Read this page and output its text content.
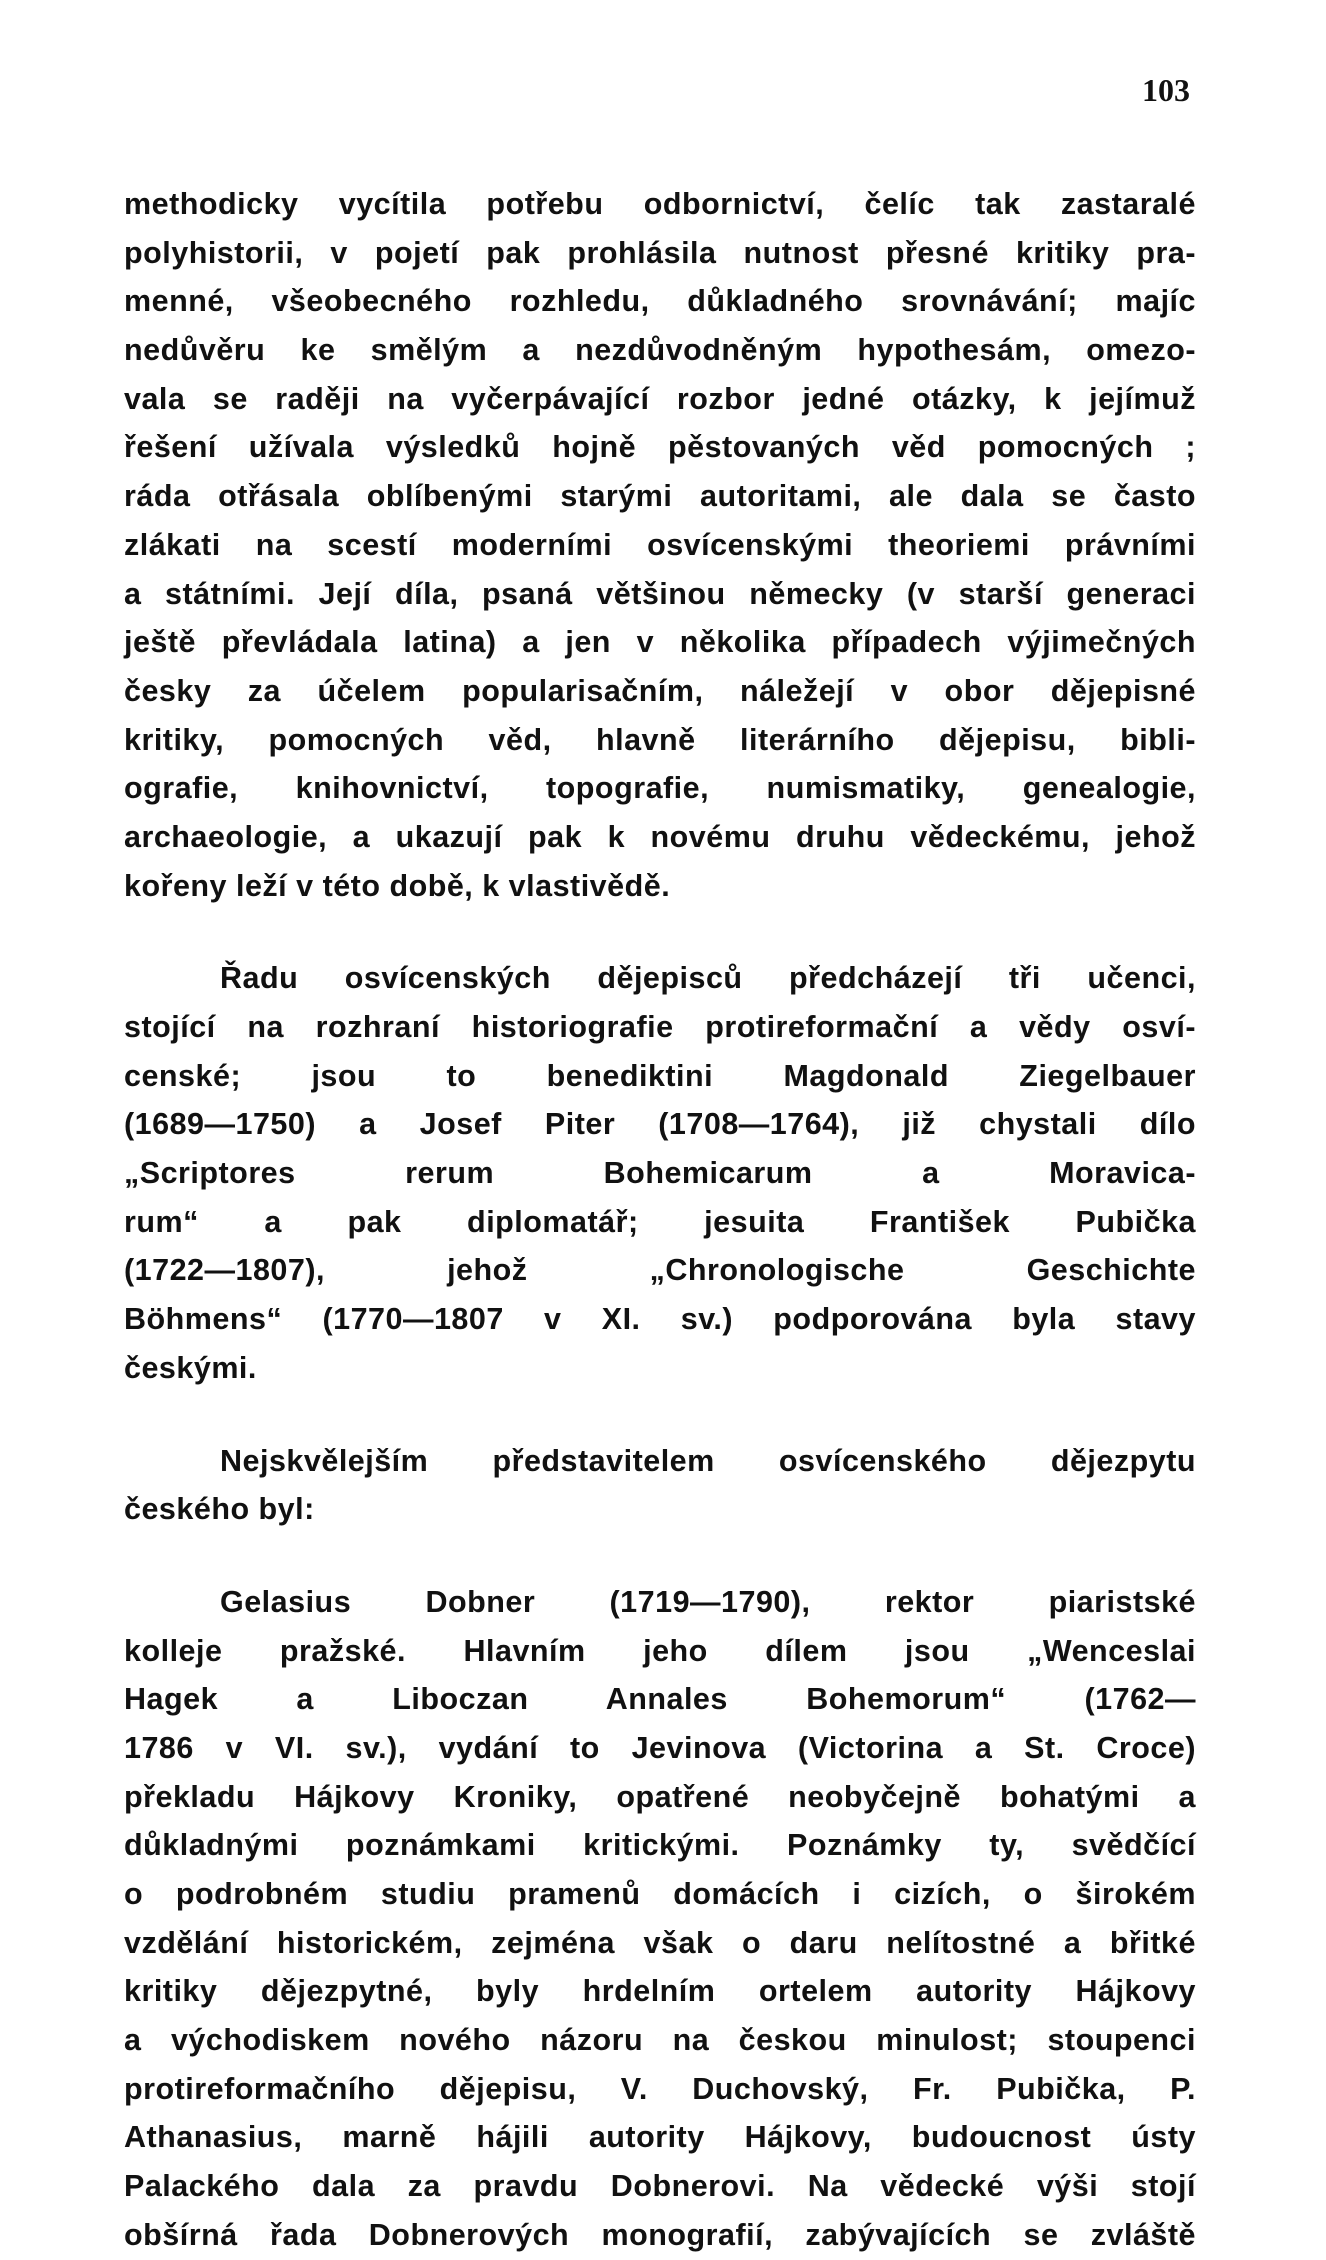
103
methodicky vycítila potřebu odbornictví, čelíc tak zastaralé
polyhistorii, v pojetí pak prohlásila nutnost přesné kritiky pra-
menné, všeobecného rozhledu, důkladného srovnávání; majíc
nedůvěru ke smělým a nezdůvodněným hypothesám, omezo-
vala se raději na vyčerpávající rozbor jedné otázky, k jejímuž
řešení užívala výsledků hojně pěstovaných věd pomocných ;
ráda otřásala oblíbenými starými autoritami, ale dala se často
zlákati na scestí moderními osvícenskými theoriemi právními
a státními. Její díla, psaná většinou německy (v starší generaci
ještě převládala latina) a jen v několika případech výjimečných
česky za účelem popularisačním, náležejí v obor dějepisné
kritiky, pomocných věd, hlavně literárního dějepisu, bibli-
ografie, knihovnictví, topografie, numismatiky, genealogie,
archaeologie, a ukazují pak k novému druhu vědeckému, jehož
kořeny leží v této době, k vlastivědě.
Řadu osvícenských dějepisců předcházejí tři učenci,
stojící na rozhraní historiografie protireformační a vědy osví-
censké; jsou to benediktini Magdonald Ziegelbauer
(1689—1750) a Josef Piter (1708—1764), již chystali dílo
„Scriptores rerum Bohemicarum a Moravica-
rum“ a pak diplomatář; jesuita František Pubička
(1722—1807), jehož „Chronologische Geschichte
Böhmens“ (1770—1807 v XI. sv.) podporována byla stavy
českými.
Nejskvělejším představitelem osvícenského dějezpytu
českého byl:
Gelasius Dobner (1719—1790), rektor piaristské
kolleje pražské. Hlavním jeho dílem jsou „Wenceslai
Hagek a Liboczan Annales Bohemorum“ (1762—
1786 v VI. sv.), vydání to Jevinova (Victorina a St. Croce)
překladu Hájkovy Kroniky, opatřené neobyčejně bohatými a
důkladnými poznámkami kritickými. Poznámky ty, svědčící
o podrobném studiu pramenů domácích i cizích, o širokém
vzdělání historickém, zejména však o daru nelítostné a břitké
kritiky dějezpytné, byly hrdelním ortelem autority Hájkovy
a východiskem nového názoru na českou minulost; stoupenci
protireformačního dějepisu, V. Duchovský, Fr. Pubička, P.
Athanasius, marně hájili autority Hájkovy, budoucnost ústy
Palackého dala za pravdu Dobnerovi. Na vědecké výši stojí
obšírná řada Dobnerových monografií, zabývajících se zvláště
